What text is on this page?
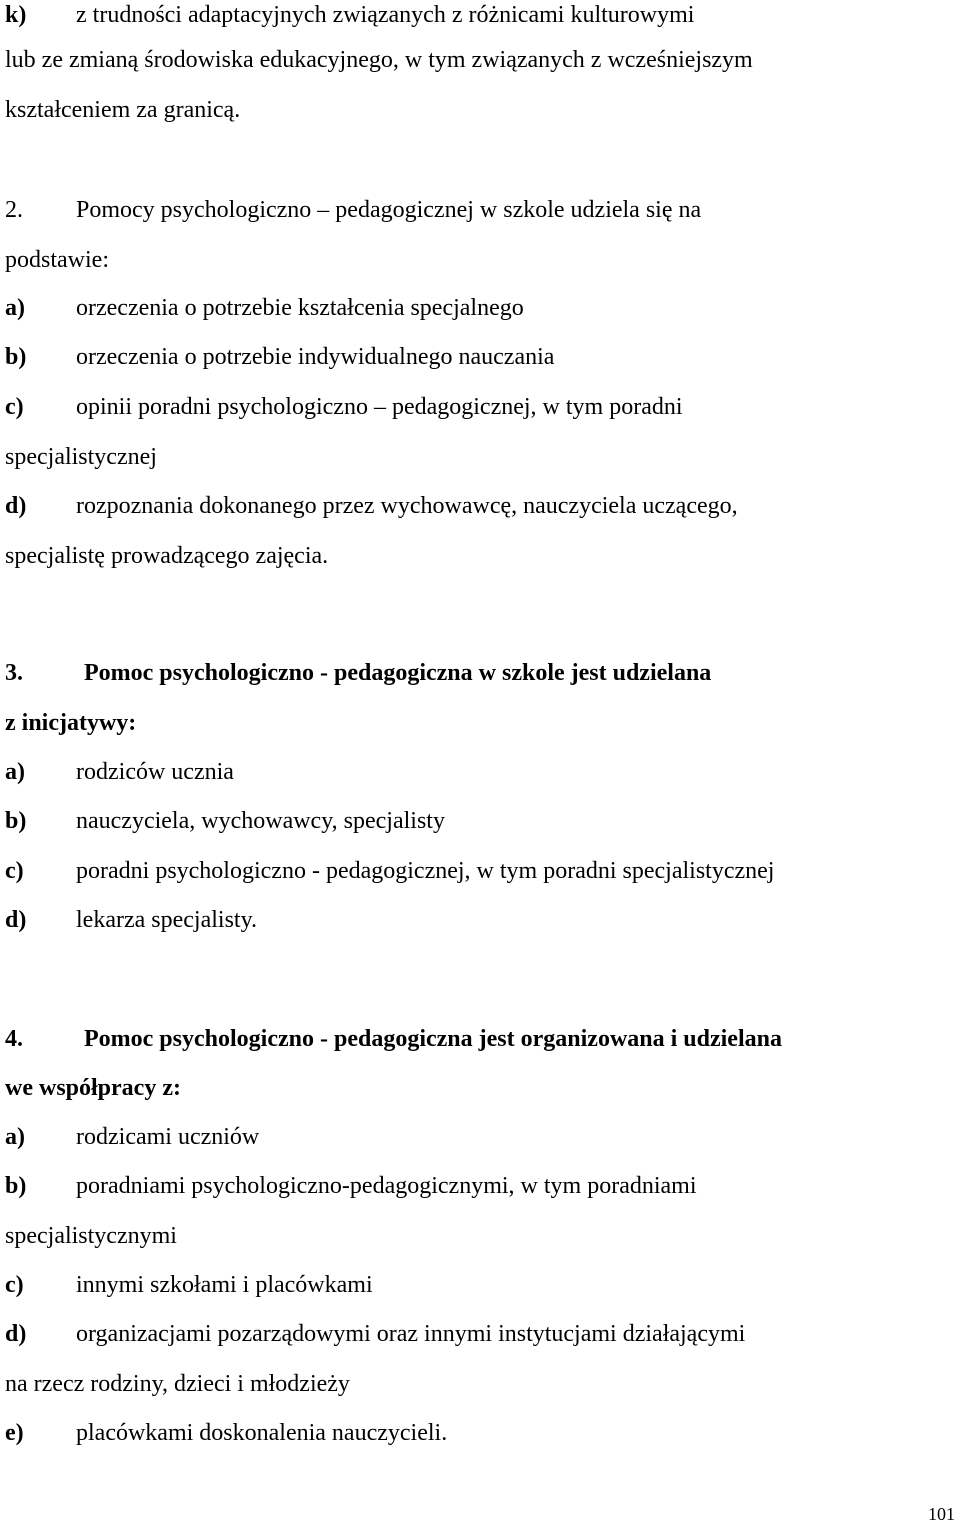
k) z trudności adaptacyjnych związanych z różnicami kulturowymi
lub ze zmianą środowiska edukacyjnego, w tym związanych z wcześniejszym
kształceniem za granicą.
2. Pomocy psychologiczno – pedagogicznej w szkole udziela się na
podstawie:
a) orzeczenia o potrzebie kształcenia specjalnego
b) orzeczenia o potrzebie indywidualnego nauczania
c) opinii poradni psychologiczno – pedagogicznej, w tym poradni
specjalistycznej
d) rozpoznania dokonanego przez wychowawcę, nauczyciela uczącego,
specjalistę prowadzącego zajęcia.
3.	Pomoc psychologiczno - pedagogiczna w szkole jest udzielana
z inicjatywy:
a) rodziców ucznia
b) nauczyciela, wychowawcy, specjalisty
c) poradni psychologiczno - pedagogicznej, w tym poradni specjalistycznej
d) lekarza specjalisty.
4.	Pomoc psychologiczno - pedagogiczna jest organizowana i udzielana
we współpracy z:
a) rodzicami uczniów
b) poradniami psychologiczno-pedagogicznymi, w tym poradniami
specjalistycznymi
c) innymi szkołami i placówkami
d) organizacjami pozarządowymi oraz innymi instytucjami działającymi
na rzecz rodziny, dzieci i młodzieży
e) placówkami doskonalenia nauczycieli.
101
